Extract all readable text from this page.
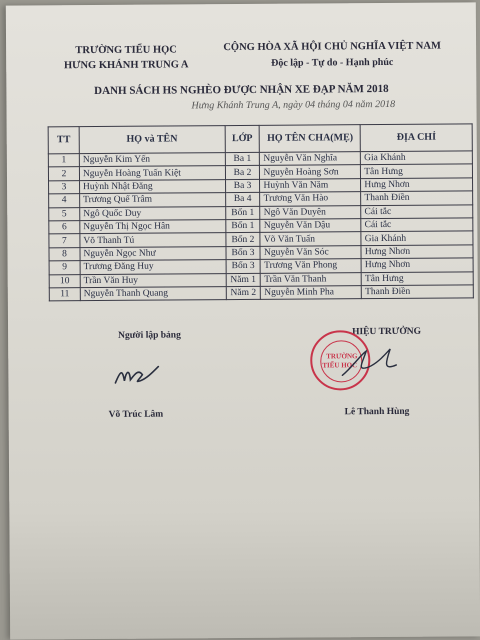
TRƯỜNG TIỂU HỌC
HƯNG KHÁNH TRUNG A
CỘNG HÒA XÃ HỘI CHỦ NGHĨA VIỆT NAM
Độc lập - Tự do - Hạnh phúc
DANH SÁCH HS NGHÈO ĐƯỢC NHẬN XE ĐẠP NĂM 2018
Hưng Khánh Trung A, ngày 04 tháng 04 năm 2018
TT	HỌ và TÊN	LỚP	HỌ TÊN CHA(MẸ)	ĐỊA CHỈ
1	Nguyễn Kim Yến	Ba 1	Nguyễn Văn Nghĩa	Gia Khánh
2	Nguyễn Hoàng Tuấn Kiệt	Ba 2	Nguyễn Hoàng Sơn	Tân Hưng
3	Huỳnh Nhật Đăng	Ba 3	Huỳnh Văn Năm	Hưng Nhơn
4	Trương Quế Trâm	Ba 4	Trương Văn Hào	Thanh Điền
5	Ngô Quốc Duy	Bốn 1	Ngô Văn Duyên	Cái tắc
6	Nguyễn Thị Ngọc Hân	Bốn 1	Nguyễn Văn Dậu	Cái tắc
7	Võ Thanh Tú	Bốn 2	Võ Văn Tuấn	Gia Khánh
8	Nguyễn Ngọc Như	Bốn 3	Nguyễn Văn Sóc	Hưng Nhơn
9	Trương Đăng Huy	Bốn 3	Trương Văn Phong	Hưng Nhơn
10	Trần Văn Huy	Năm 1	Trần Văn Thanh	Tân Hưng
11	Nguyễn Thanh Quang	Năm 2	Nguyễn Minh Pha	Thanh Điền
Người lập bảng	HIỆU TRƯỞNG
TRƯỜNG
TIỂU HỌC
Võ Trúc Lâm	Lê Thanh Hùng
